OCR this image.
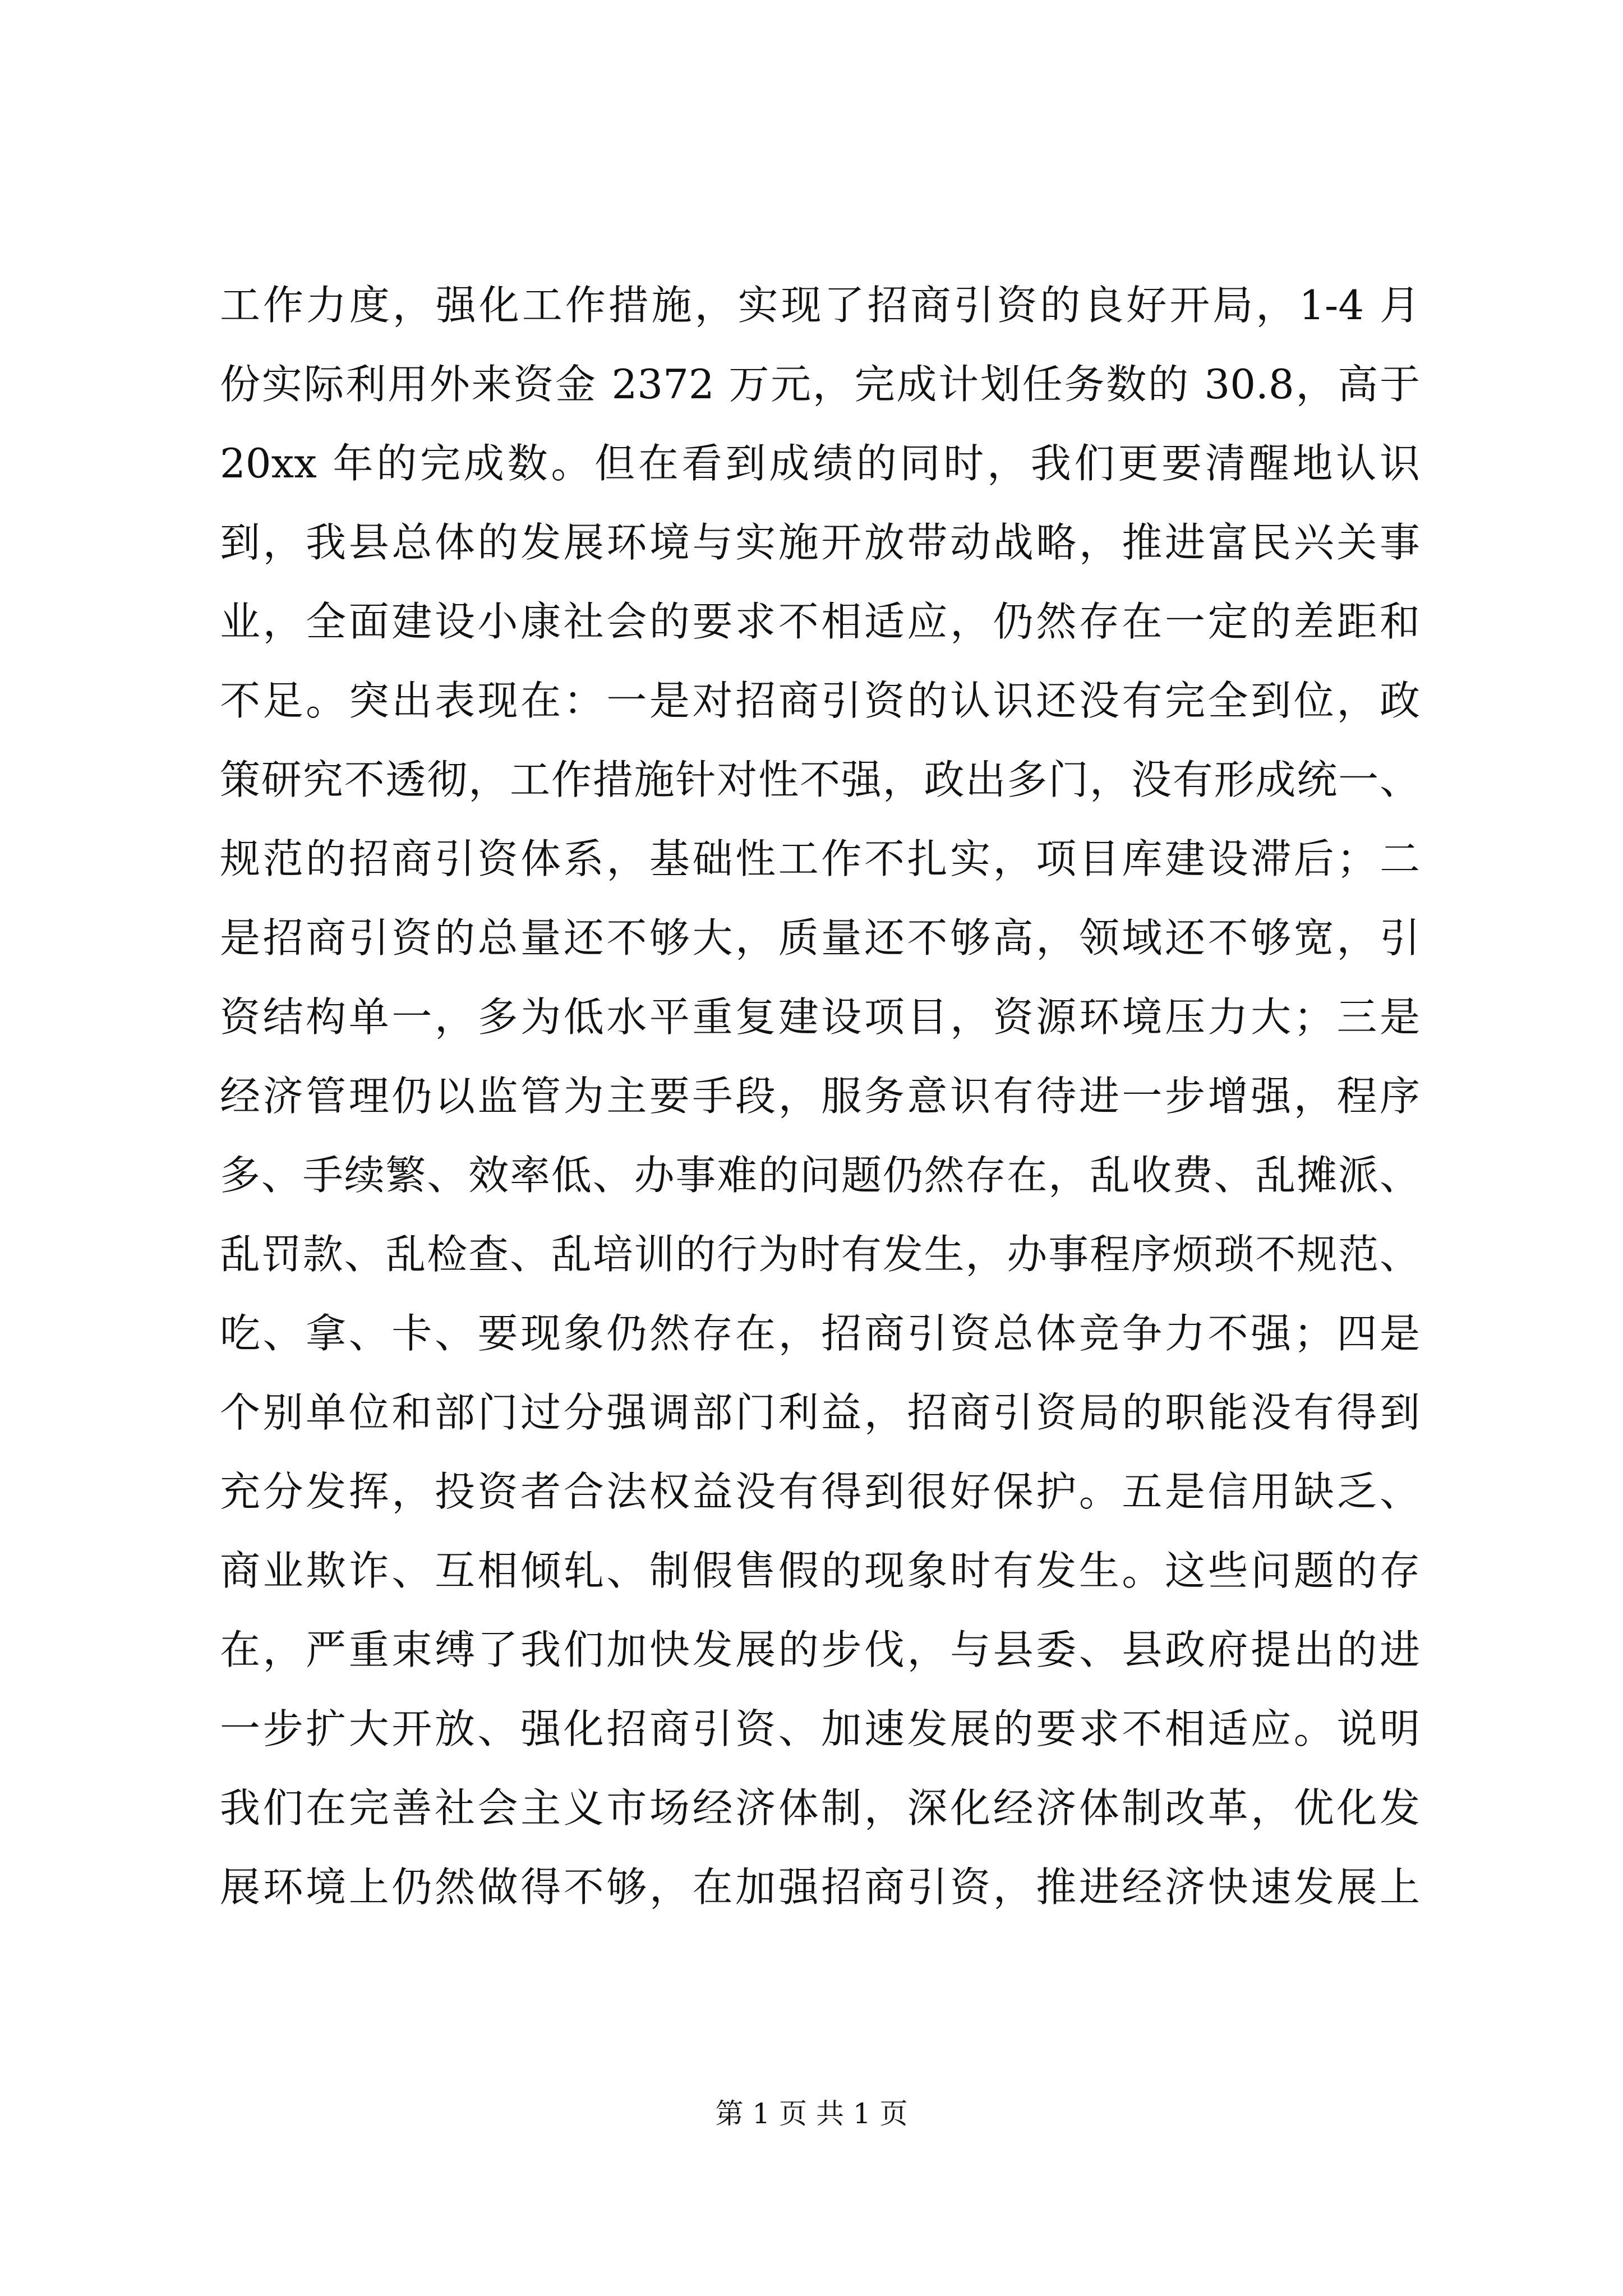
工作力度，强化工作措施，实现了招商引资的良好开局，1-4 月
份实际利用外来资金 2372 万元，完成计划任务数的 30.8，高于
20xx 年的完成数。但在看到成绩的同时，我们更要清醒地认识
到，我县总体的发展环境与实施开放带动战略，推进富民兴关事
业，全面建设小康社会的要求不相适应，仍然存在一定的差距和
不足。突出表现在：一是对招商引资的认识还没有完全到位，政
策研究不透彻，工作措施针对性不强，政出多门，没有形成统一、
规范的招商引资体系，基础性工作不扎实，项目库建设滞后；二
是招商引资的总量还不够大，质量还不够高，领域还不够宽，引
资结构单一，多为低水平重复建设项目，资源环境压力大；三是
经济管理仍以监管为主要手段，服务意识有待进一步增强，程序
多、手续繁、效率低、办事难的问题仍然存在，乱收费、乱摊派、
乱罚款、乱检查、乱培训的行为时有发生，办事程序烦琐不规范、
吃、拿、卡、要现象仍然存在，招商引资总体竞争力不强；四是
个别单位和部门过分强调部门利益，招商引资局的职能没有得到
充分发挥，投资者合法权益没有得到很好保护。五是信用缺乏、
商业欺诈、互相倾轧、制假售假的现象时有发生。这些问题的存
在，严重束缚了我们加快发展的步伐，与县委、县政府提出的进
一步扩大开放、强化招商引资、加速发展的要求不相适应。说明
我们在完善社会主义市场经济体制，深化经济体制改革，优化发
展环境上仍然做得不够，在加强招商引资，推进经济快速发展上
第 1 页 共 1 页
